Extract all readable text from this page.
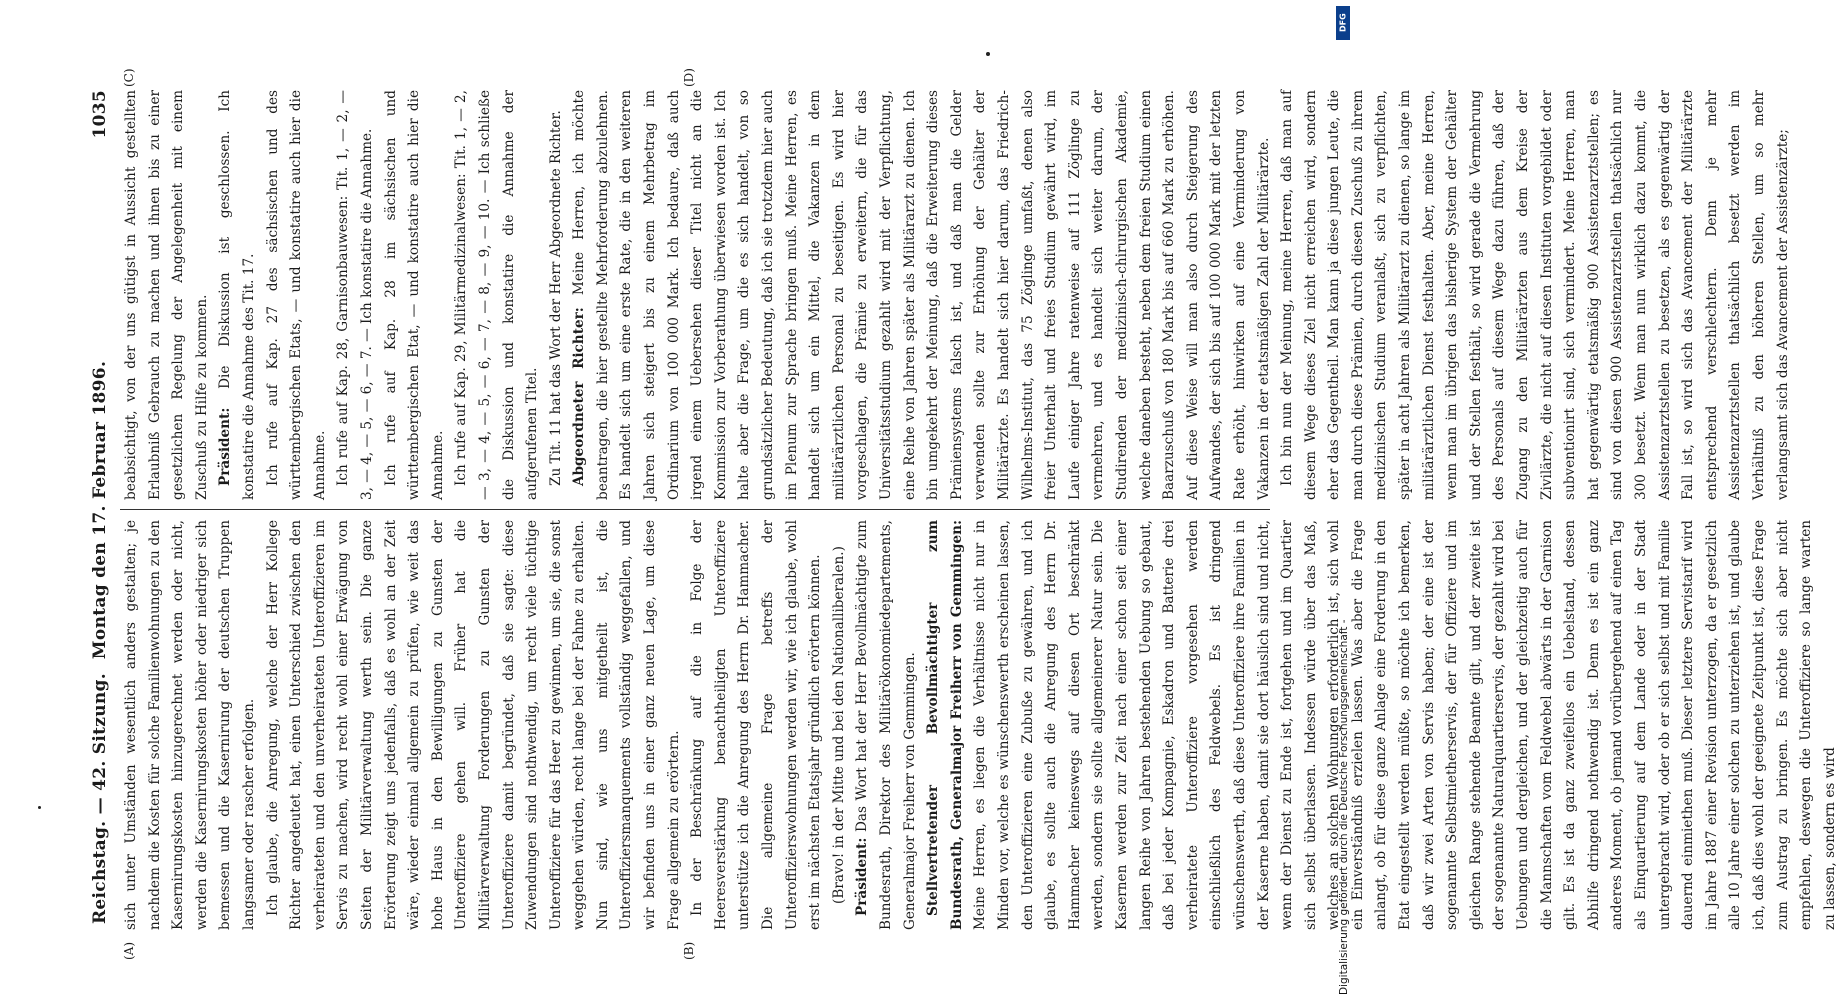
Reichstag. — 42. Sitzung.
Montag den 17. Februar 1896.
1035

sich unter Umständen wesentlich anders gestalten; je nachdem die Kosten für solche Familienwohnungen zu den Kasernirungskosten hinzugerechnet werden oder nicht, werden die Kasernirungskosten höher oder niedriger sich bemessen und die Kasernirung der deutschen Truppen langsamer oder rascher erfolgen. Ich glaube, die Anregung, welche der Herr Kollege Richter angedeutet hat, einen Unterschied zwischen den verheirateten und den unverheirateten Unteroffizieren im Servis zu machen, wird recht wohl einer Erwägung von Seiten der Militärverwaltung werth sein. Die ganze Erörterung zeigt uns jedenfalls, daß es wohl an der Zeit wäre, wieder einmal allgemein zu prüfen, wie weit das hohe Haus in den Bewilligungen zu Gunsten der Unteroffiziere gehen will. Früher hat die Militärverwaltung Forderungen zu Gunsten der Unteroffiziere damit begründet, daß sie sagte: diese Zuwendungen sind nothwendig, um recht viele tüchtige Unteroffiziere für das Heer zu gewinnen, um sie, die sonst weggehen würden, recht lange bei der Fahne zu erhalten. Nun sind, wie uns mitgetheilt ist, die Unteroffiziersmanquements vollständig weggefallen, und wir befinden uns in einer ganz neuen Lage, um diese Frage allgemein zu erörtern. In der Beschränkung auf die in Folge der Heeresverstärkung benachtheiligten Unteroffiziere unterstütze ich die Anregung des Herrn Dr. Hammacher. Die allgemeine Frage betreffs der Unteroffizierswohnungen werden wir, wie ich glaube, wohl erst im nächsten Etatsjahr gründlich erörtern können. (Bravo! in der Mitte und bei den Nationalliberalen.) Präsident: Das Wort hat der Herr Bevollmächtigte zum Bundesrath, Direktor des Militärökonomiedepartements, Generalmajor Freiherr von Gemmingen. Stellvertretender Bevollmächtigter zum Bundesrath, Generalmajor Freiherr von Gemmingen: Meine Herren, es liegen die Verhältnisse nicht nur in Minden vor, welche es wünschenswerth erscheinen lassen, den Unteroffizieren eine Zubuße zu gewähren, und ich glaube, es sollte auch die Anregung des Herrn Dr. Hammacher keineswegs auf diesen Ort beschränkt werden, sondern sie sollte allgemeinerer Natur sein. Die Kasernen werden zur Zeit nach einer schon seit einer langen Reihe von Jahren bestehenden Uebung so gebaut, daß bei jeder Kompagnie, Eskadron und Batterie drei verheiratete Unteroffiziere vorgesehen werden einschließlich des Feldwebels. Es ist dringend wünschenswerth, daß diese Unteroffiziere ihre Familien in der Kaserne haben, damit sie dort häuslich sind und nicht, wenn der Dienst zu Ende ist, fortgehen und im Quartier sich selbst überlassen. Indessen würde über das Maß, welches an solchen Wohnungen erforderlich ist, sich wohl ein Einverständniß erzielen lassen. Was aber die Frage anlangt, ob für diese ganze Anlage eine Forderung in den Etat eingestellt werden müßte, so möchte ich bemerken, daß wir zwei Arten von Servis haben; der eine ist der sogenannte Selbstmietherservis, der für Offiziere und im gleichen Range stehende Beamte gilt, und der zweite ist der sogenannte Naturalquartierservis, der gezahlt wird bei Uebungen und dergleichen, und der gleichzeitig auch für die Mannschaften vom Feldwebel abwärts in der Garnison gilt. Es ist da ganz zweifellos ein Uebelstand, dessen Abhilfe dringend nothwendig ist. Denn es ist ein ganz anderes Moment, ob jemand vorübergehend auf einen Tag als Einquartierung auf dem Lande oder in der Stadt untergebracht wird, oder ob er sich selbst und mit Familie dauernd einmiethen muß. Dieser letztere Servistarif wird im Jahre 1887 einer Revision unterzogen, da er gesetzlich alle 10 Jahre einer solchen zu unterziehen ist, und glaube ich, daß dies wohl der geeignete Zeitpunkt ist, diese Frage zum Austrag zu bringen. Es möchte sich aber nicht empfehlen, deswegen die Unteroffiziere so lange warten zu lassen, sondern es wird

beabsichtigt, von der uns gütigst in Aussicht gestellten Erlaubniß Gebrauch zu machen und ihnen bis zu einer gesetzlichen Regelung der Angelegenheit mit einem Zuschuß zu Hilfe zu kommen. Präsident: Die Diskussion ist geschlossen. Ich konstatire die Annahme des Tit. 17. Ich rufe auf Kap. 27 des sächsischen und des württembergischen Etats, — und konstatire auch hier die Annahme. Ich rufe auf Kap. 28, Garnisonbauwesen: Tit. 1, — 2, — 3, — 4, — 5, — 6, — 7. — Ich konstatire die Annahme. Ich rufe auf Kap. 28 im sächsischen und württembergischen Etat, — und konstatire auch hier die Annahme. Ich rufe auf Kap. 29, Militärmedizinalwesen: Tit. 1, — 2, — 3, — 4, — 5, — 6, — 7, — 8, — 9, — 10. — Ich schließe die Diskussion und konstatire die Annahme der aufgerufenen Titel. Zu Tit. 11 hat das Wort der Herr Abgeordnete Richter. Abgeordneter Richter: Meine Herren, ich möchte beantragen, die hier gestellte Mehrforderung abzulehnen. Es handelt sich um eine erste Rate, die in den weiteren Jahren sich steigert bis zu einem Mehrbetrag im Ordinarium von 100 000 Mark. Ich bedaure, daß auch irgend einem Uebersehen dieser Titel nicht an die Kommission zur Vorberathung überwiesen worden ist. Ich halte aber die Frage, um die es sich handelt, von so grundsätzlicher Bedeutung, daß ich sie trotzdem hier auch im Plenum zur Sprache bringen muß. Meine Herren, es handelt sich um ein Mittel, die Vakanzen in dem militärärztlichen Personal zu beseitigen. Es wird hier vorgeschlagen, die Prämie zu erweitern, die für das Universitätsstudium gezahlt wird mit der Verpflichtung, eine Reihe von Jahren später als Militärarzt zu dienen. Ich bin umgekehrt der Meinung, daß die Erweiterung dieses Prämiensystems falsch ist, und daß man die Gelder verwenden sollte zur Erhöhung der Gehälter der Militärärzte. Es handelt sich hier darum, das Friedrich-Wilhelms-Institut, das 75 Zöglinge umfaßt, denen also freier Unterhalt und freies Studium gewährt wird, im Laufe einiger Jahre ratenweise auf 111 Zöglinge zu vermehren, und es handelt sich weiter darum, der Studirenden der medizinisch-chirurgischen Akademie, welche daneben besteht, neben dem freien Studium einen Baarzuschuß von 180 Mark bis auf 660 Mark zu erhöhen. Auf diese Weise will man also durch Steigerung des Aufwandes, der sich bis auf 100 000 Mark mit der letzten Rate erhöht, hinwirken auf eine Verminderung von Vakanzen in der etatsmäßigen Zahl der Militärärzte. Ich bin nun der Meinung, meine Herren, daß man auf diesem Wege dieses Ziel nicht erreichen wird, sondern eher das Gegentheil. Man kann ja diese jungen Leute, die man durch diese Prämien, durch diesen Zuschuß zu ihrem medizinischen Studium veranlaßt, sich zu verpflichten, später in acht Jahren als Militärarzt zu dienen, so lange im militärärztlichen Dienst festhalten. Aber, meine Herren, wenn man im übrigen das bisherige System der Gehälter und der Stellen festhält, so wird gerade die Vermehrung des Personals auf diesem Wege dazu führen, daß der Zugang zu den Militärärzten aus dem Kreise der Zivilärzte, die nicht auf diesen Instituten vorgebildet oder subventionirt sind, sich vermindert. Meine Herren, man hat gegenwärtig etatsmäßig 900 Assistenzarztstellen; es sind von diesen 900 Assistenzarztstellen thatsächlich nur 300 besetzt. Wenn man nun wirklich dazu kommt, die Assistenzarztstellen zu besetzen, als es gegenwärtig der Fall ist, so wird sich das Avancement der Militärärzte entsprechend verschlechtern. Denn je mehr Assistenzarztstellen thatsächlich besetzt werden im Verhältniß zu den höheren Stellen, um so mehr verlangsamt sich das Avancement der Assistenzärzte;

(A)	(B)
(C)	(D)
DFG
Digitalisierung gefördert durch die Deutsche Forschungsgemeinschaft -
